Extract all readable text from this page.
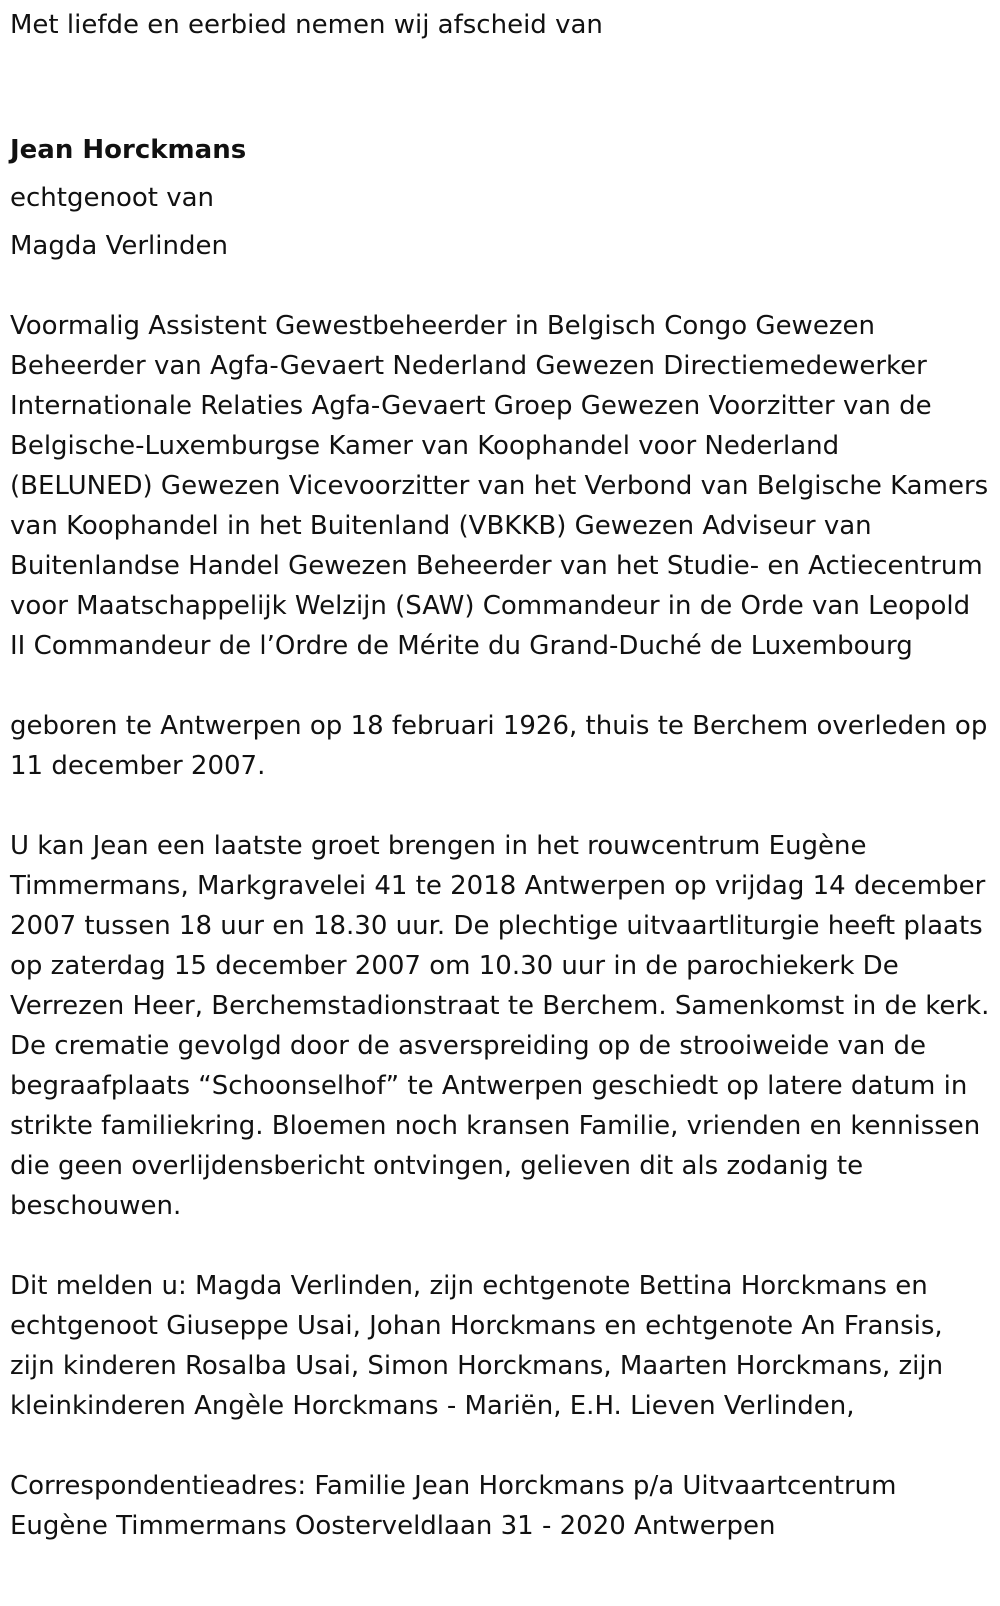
Met liefde en eerbied nemen wij afscheid van

Jean Horckmans

echtgenoot van

Magda Verlinden

Voormalig Assistent Gewestbeheerder in Belgisch Congo Gewezen Beheerder van Agfa-Gevaert Nederland Gewezen Directiemedewerker Internationale Relaties Agfa-Gevaert Groep Gewezen Voorzitter van de Belgische-Luxemburgse Kamer van Koophandel voor Nederland (BELUNED) Gewezen Vicevoorzitter van het Verbond van Belgische Kamers van Koophandel in het Buitenland (VBKKB) Gewezen Adviseur van Buitenlandse Handel Gewezen Beheerder van het Studie- en Actiecentrum voor Maatschappelijk Welzijn (SAW) Commandeur in de Orde van Leopold II Commandeur de l’Ordre de Mérite du Grand-Duché de Luxembourg

geboren te Antwerpen op 18 februari 1926, thuis te Berchem overleden op 11 december 2007.

U kan Jean een laatste groet brengen in het rouwcentrum Eugène Timmermans, Markgravelei 41 te 2018 Antwerpen op vrijdag 14 december 2007 tussen 18 uur en 18.30 uur. De plechtige uitvaartliturgie heeft plaats op zaterdag 15 december 2007 om 10.30 uur in de parochiekerk De Verrezen Heer, Berchemstadionstraat te Berchem. Samenkomst in de kerk. De crematie gevolgd door de asverspreiding op de strooiweide van de begraafplaats “Schoonselhof” te Antwerpen geschiedt op latere datum in strikte familiekring. Bloemen noch kransen Familie, vrienden en kennissen die geen overlijdensbericht ontvingen, gelieven dit als zodanig te beschouwen.

Dit melden u: Magda Verlinden, zijn echtgenote Bettina Horckmans en echtgenoot Giuseppe Usai, Johan Horckmans en echtgenote An Fransis, zijn kinderen Rosalba Usai, Simon Horckmans, Maarten Horckmans, zijn kleinkinderen Angèle Horckmans - Mariën, E.H. Lieven Verlinden,

Correspondentieadres: Familie Jean Horckmans p/a Uitvaartcentrum Eugène Timmermans Oosterveldlaan 31 - 2020 Antwerpen
